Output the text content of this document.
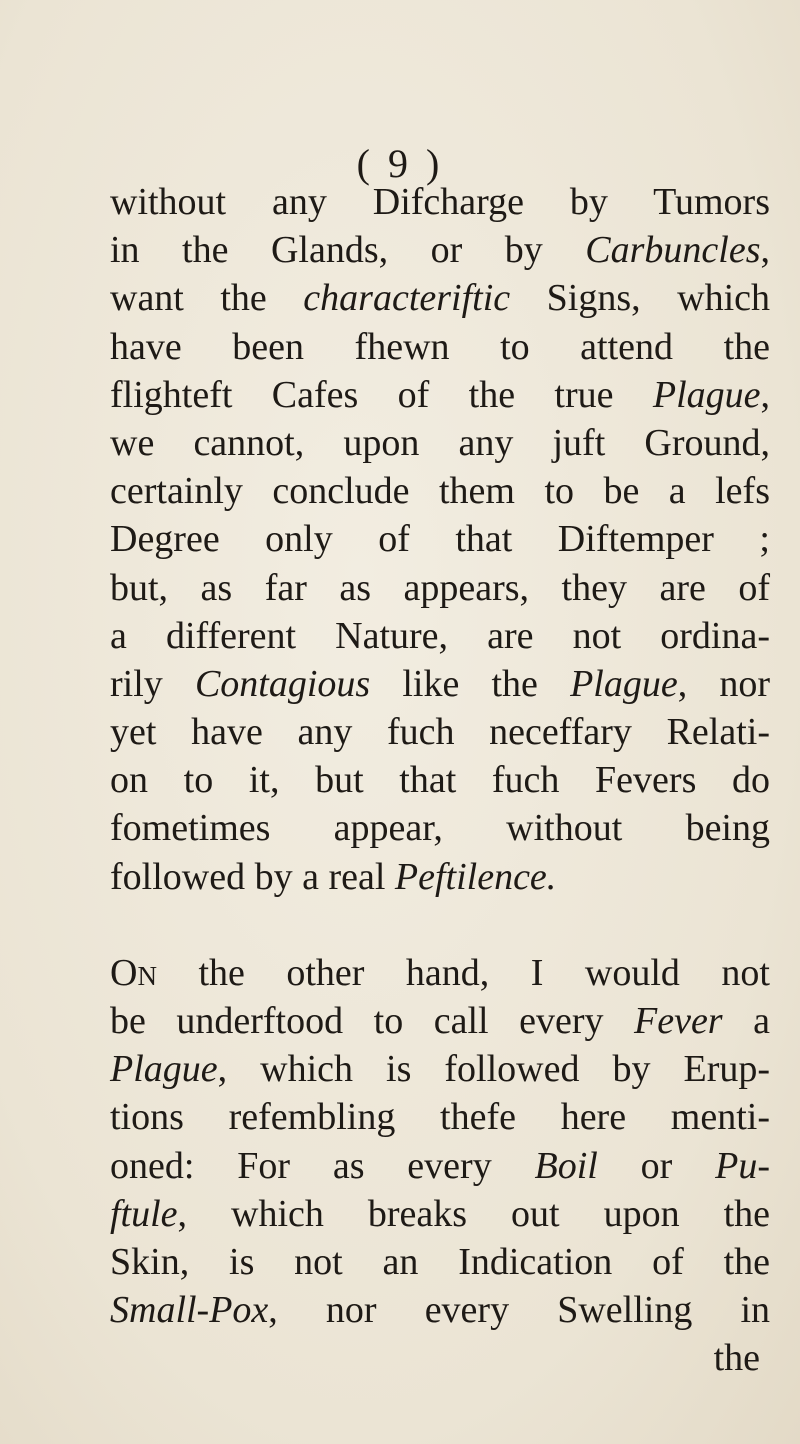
( 9 )
without any Difcharge by Tumors
in the Glands, or by Carbuncles,
want the characteriftic Signs, which
have been fhewn to attend the
flighteft Cafes of the true Plague,
we cannot, upon any juft Ground,
certainly conclude them to be a lefs
Degree only of that Diftemper ;
but, as far as appears, they are of
a different Nature, are not ordina-
rily Contagious like the Plague, nor
yet have any fuch neceffary Relati-
on to it, but that fuch Fevers do
fometimes appear, without being
followed by a real Peftilence.
On the other hand, I would not
be underftood to call every Fever a
Plague, which is followed by Erup-
tions refembling thefe here menti-
oned: For as every Boil or Pu-
ftule, which breaks out upon the
Skin, is not an Indication of the
Small-Pox, nor every Swelling in
the
